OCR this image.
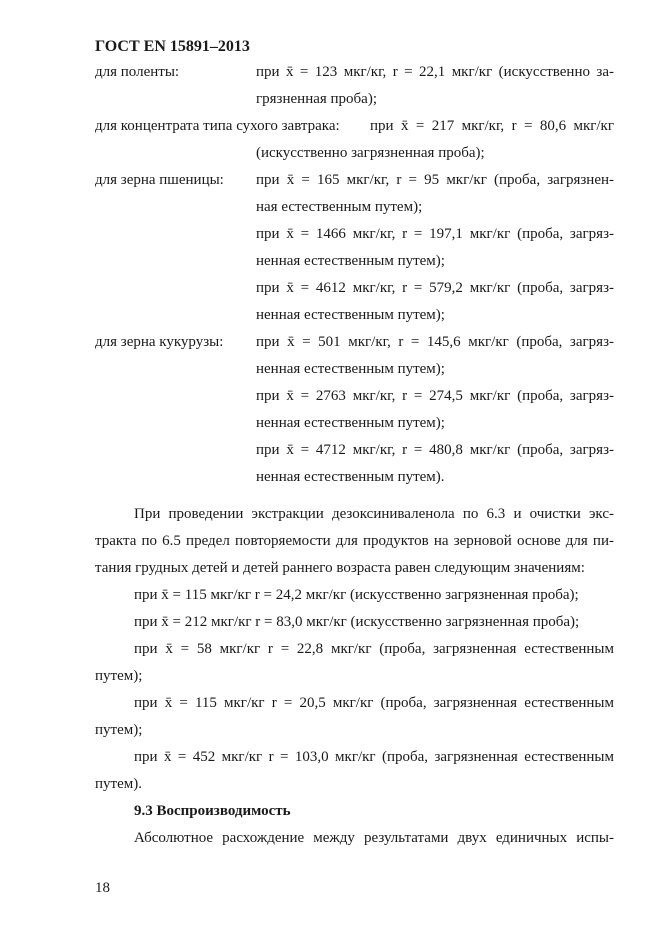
ГОСТ EN 15891–2013
для поленты:	при x̄ = 123 мкг/кг, r = 22,1 мкг/кг (искусственно за-
грязненная проба);
для концентрата типа сухого завтрака: при x̄ = 217 мкг/кг, r = 80,6 мкг/кг
(искусственно загрязненная проба);
для зерна пшеницы: при x̄ = 165 мкг/кг, r = 95 мкг/кг (проба, загрязнен-
ная естественным путем);
при x̄ = 1466 мкг/кг, r = 197,1 мкг/кг (проба, загряз-
ненная естественным путем);
при x̄ = 4612 мкг/кг, r = 579,2 мкг/кг (проба, загряз-
ненная естественным путем);
для зерна кукурузы: при x̄ = 501 мкг/кг, r = 145,6 мкг/кг (проба, загряз-
ненная естественным путем);
при x̄ = 2763 мкг/кг, r = 274,5 мкг/кг (проба, загряз-
ненная естественным путем);
при x̄ = 4712 мкг/кг, r = 480,8 мкг/кг (проба, загряз-
ненная естественным путем).
При проведении экстракции дезоксиниваленола по 6.3 и очистки экс-
тракта по 6.5 предел повторяемости для продуктов на зерновой основе для пи-
тания грудных детей и детей раннего возраста равен следующим значениям:
при x̄ = 115 мкг/кг r = 24,2 мкг/кг (искусственно загрязненная проба);
при x̄ = 212 мкг/кг r = 83,0 мкг/кг (искусственно загрязненная проба);
при x̄ = 58 мкг/кг r = 22,8 мкг/кг (проба, загрязненная естественным
путем);
при x̄ = 115 мкг/кг r = 20,5 мкг/кг (проба, загрязненная естественным
путем);
при x̄ = 452 мкг/кг r = 103,0 мкг/кг (проба, загрязненная естественным
путем).
9.3 Воспроизводимость
Абсолютное расхождение между результатами двух единичных испы-
18
